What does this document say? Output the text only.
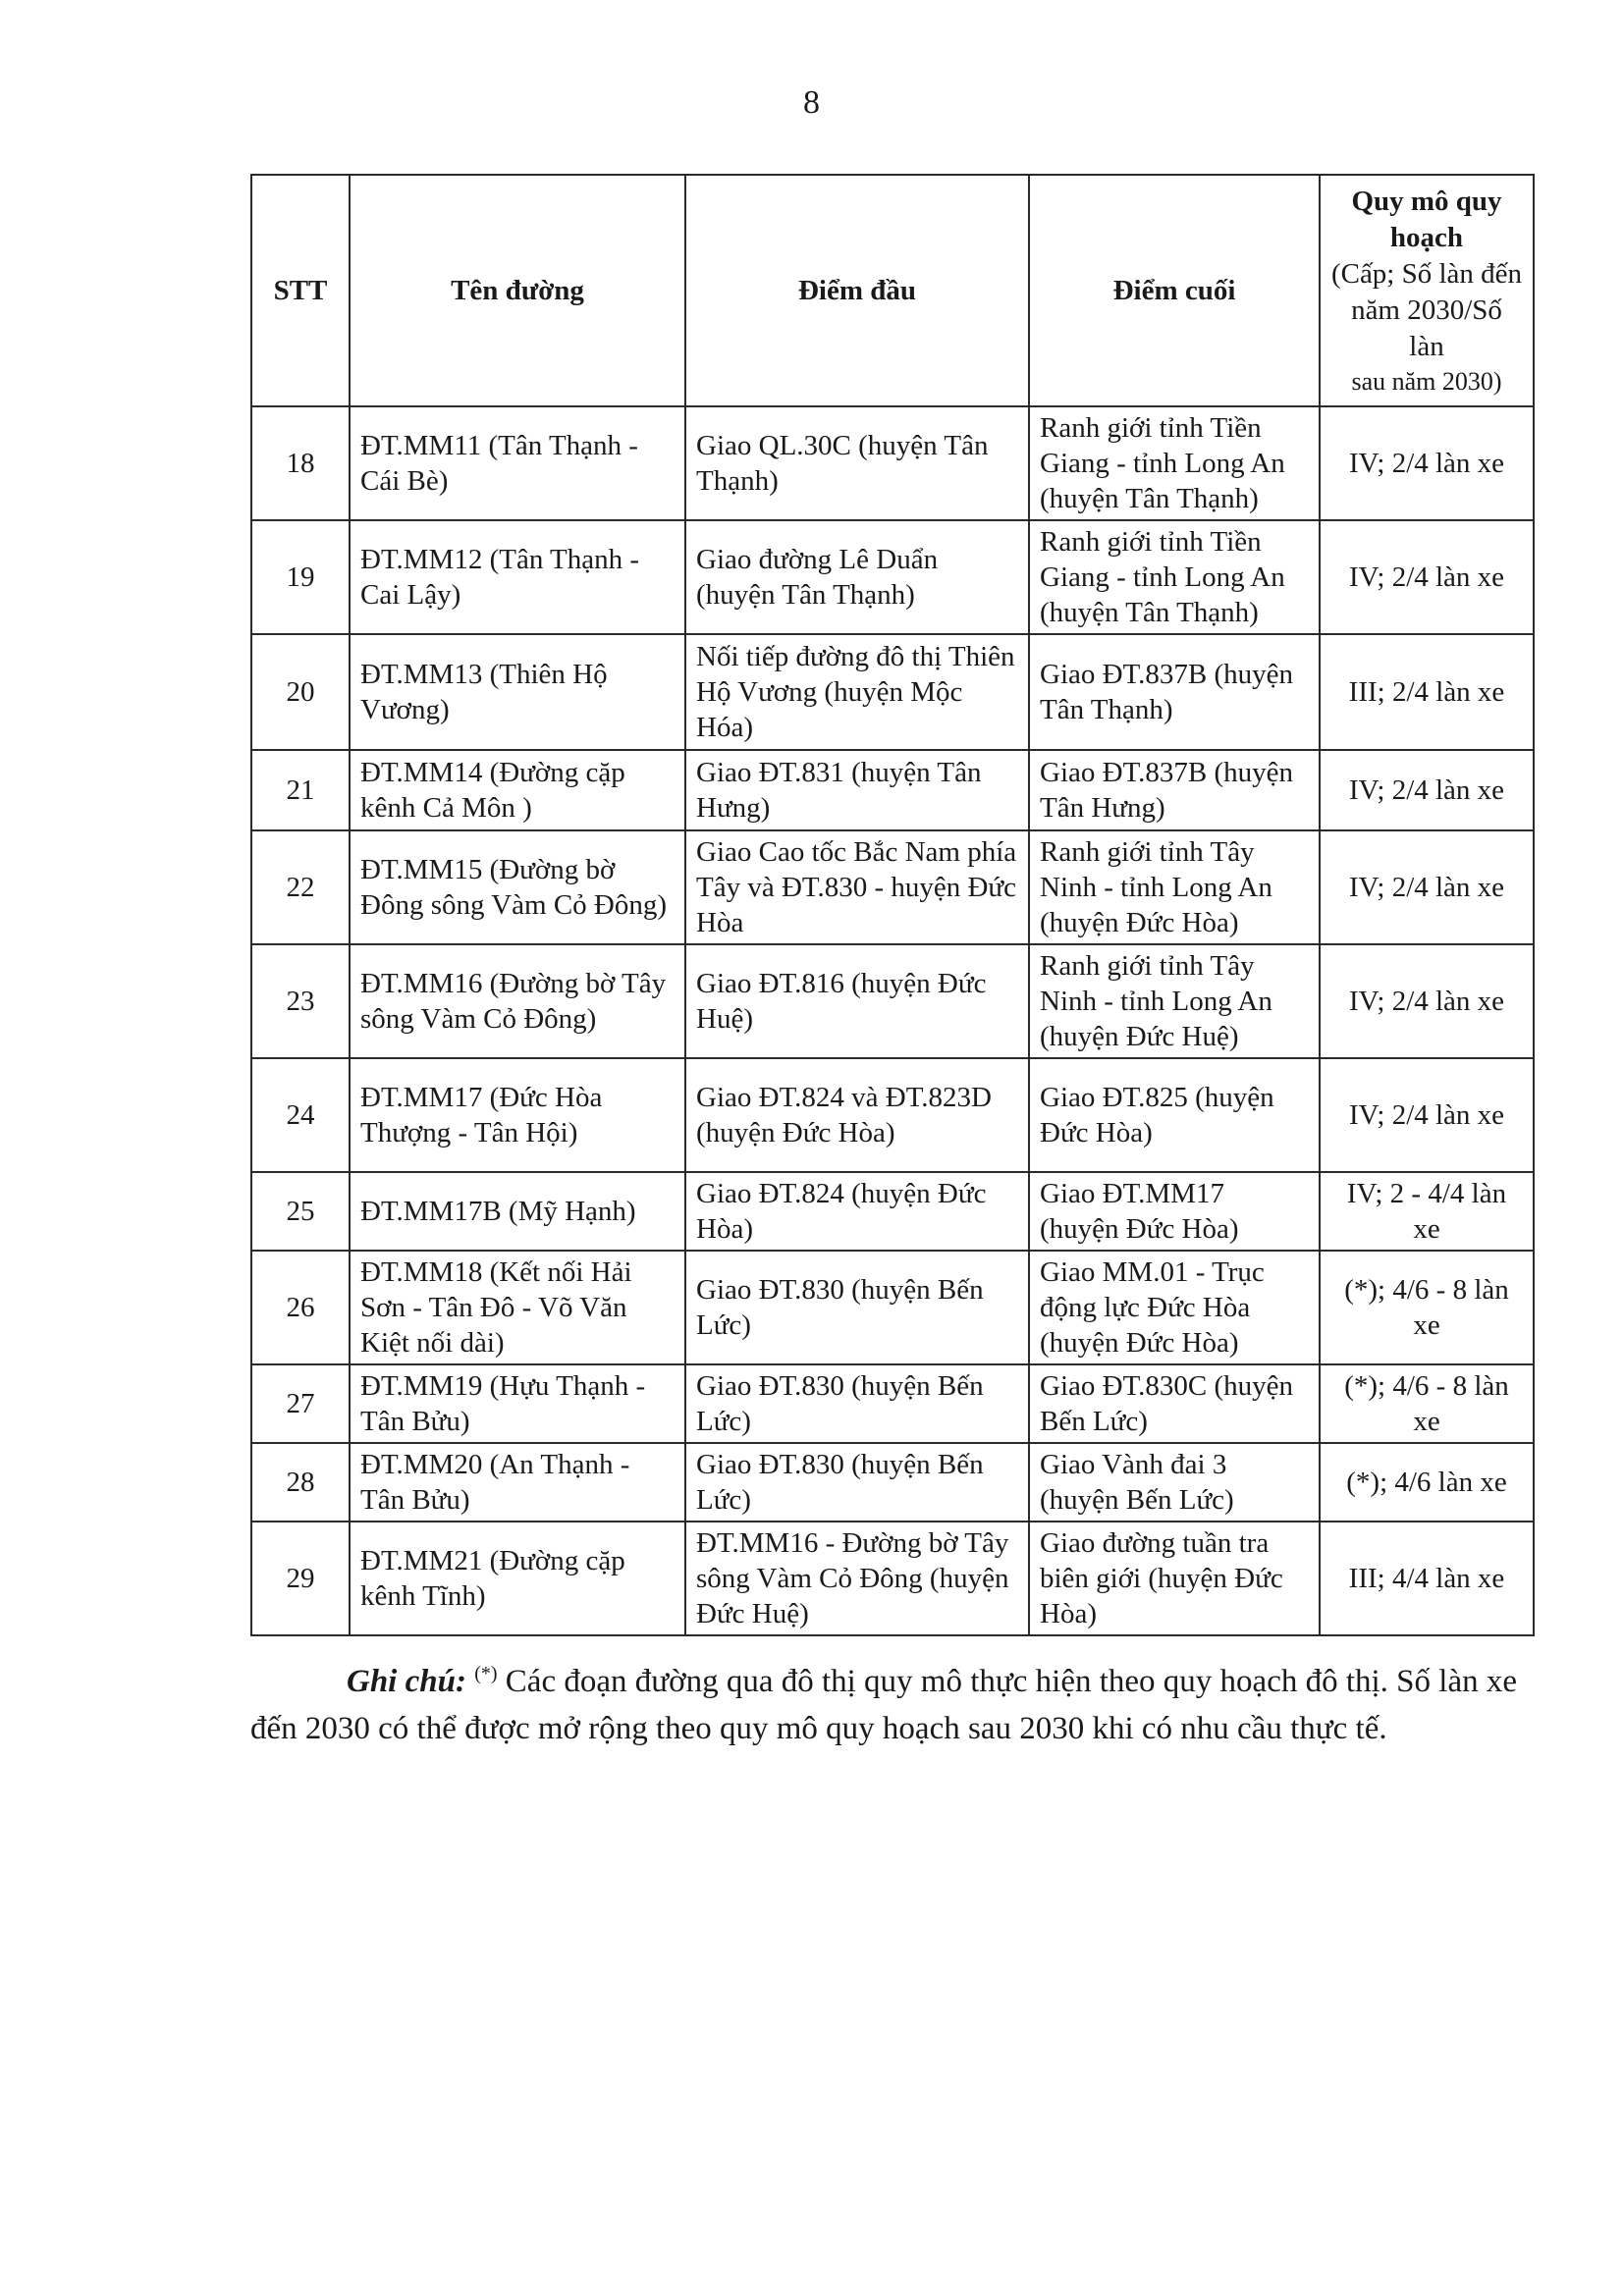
8
STT	Tên đường	Điểm đầu	Điểm cuối	Quy mô quy hoạch
(Cấp; Số làn đến năm 2030/Số làn
sau năm 2030)

18	ĐT.MM11 (Tân Thạnh - Cái Bè)	Giao QL.30C (huyện Tân Thạnh)	Ranh giới tỉnh Tiền Giang - tỉnh Long An (huyện Tân Thạnh)	IV; 2/4 làn xe
19	ĐT.MM12 (Tân Thạnh - Cai Lậy)	Giao đường Lê Duẩn (huyện Tân Thạnh)	Ranh giới tỉnh Tiền Giang - tỉnh Long An (huyện Tân Thạnh)	IV; 2/4 làn xe
20	ĐT.MM13 (Thiên Hộ Vương)	Nối tiếp đường đô thị Thiên Hộ Vương (huyện Mộc Hóa)	Giao ĐT.837B (huyện Tân Thạnh)	III; 2/4 làn xe
21	ĐT.MM14 (Đường cặp kênh Cả Môn )	Giao ĐT.831 (huyện Tân Hưng)	Giao ĐT.837B (huyện Tân Hưng)	IV; 2/4 làn xe
22	ĐT.MM15 (Đường bờ Đông sông Vàm Cỏ Đông)	Giao Cao tốc Bắc Nam phía Tây và ĐT.830 - huyện Đức Hòa	Ranh giới tỉnh Tây Ninh - tỉnh Long An (huyện Đức Hòa)	IV; 2/4 làn xe
23	ĐT.MM16 (Đường bờ Tây sông Vàm Cỏ Đông)	Giao ĐT.816 (huyện Đức Huệ)	Ranh giới tỉnh Tây Ninh - tỉnh Long An (huyện Đức Huệ)	IV; 2/4 làn xe
24	ĐT.MM17 (Đức Hòa Thượng - Tân Hội)	Giao ĐT.824 và ĐT.823D (huyện Đức Hòa)	Giao ĐT.825 (huyện Đức Hòa)	IV; 2/4 làn xe
25	ĐT.MM17B (Mỹ Hạnh)	Giao ĐT.824 (huyện Đức Hòa)	Giao ĐT.MM17 (huyện Đức Hòa)	IV; 2 - 4/4 làn xe
26	ĐT.MM18 (Kết nối Hải Sơn - Tân Đô - Võ Văn Kiệt nối dài)	Giao ĐT.830 (huyện Bến Lức)	Giao MM.01 - Trục động lực Đức Hòa (huyện Đức Hòa)	(*); 4/6 - 8 làn xe
27	ĐT.MM19 (Hựu Thạnh -Tân Bửu)	Giao ĐT.830 (huyện Bến Lức)	Giao ĐT.830C (huyện Bến Lức)	(*); 4/6 - 8 làn xe
28	ĐT.MM20 (An Thạnh - Tân Bửu)	Giao ĐT.830 (huyện Bến Lức)	Giao Vành đai 3 (huyện Bến Lức)	(*); 4/6 làn xe
29	ĐT.MM21 (Đường cặp kênh Tĩnh)	ĐT.MM16 - Đường bờ Tây sông Vàm Cỏ Đông (huyện Đức Huệ)	Giao đường tuần tra biên giới (huyện Đức Hòa)	III; 4/4 làn xe
Ghi chú: (*) Các đoạn đường qua đô thị quy mô thực hiện theo quy hoạch đô thị. Số làn xe đến 2030 có thể được mở rộng theo quy mô quy hoạch sau 2030 khi có nhu cầu thực tế.
